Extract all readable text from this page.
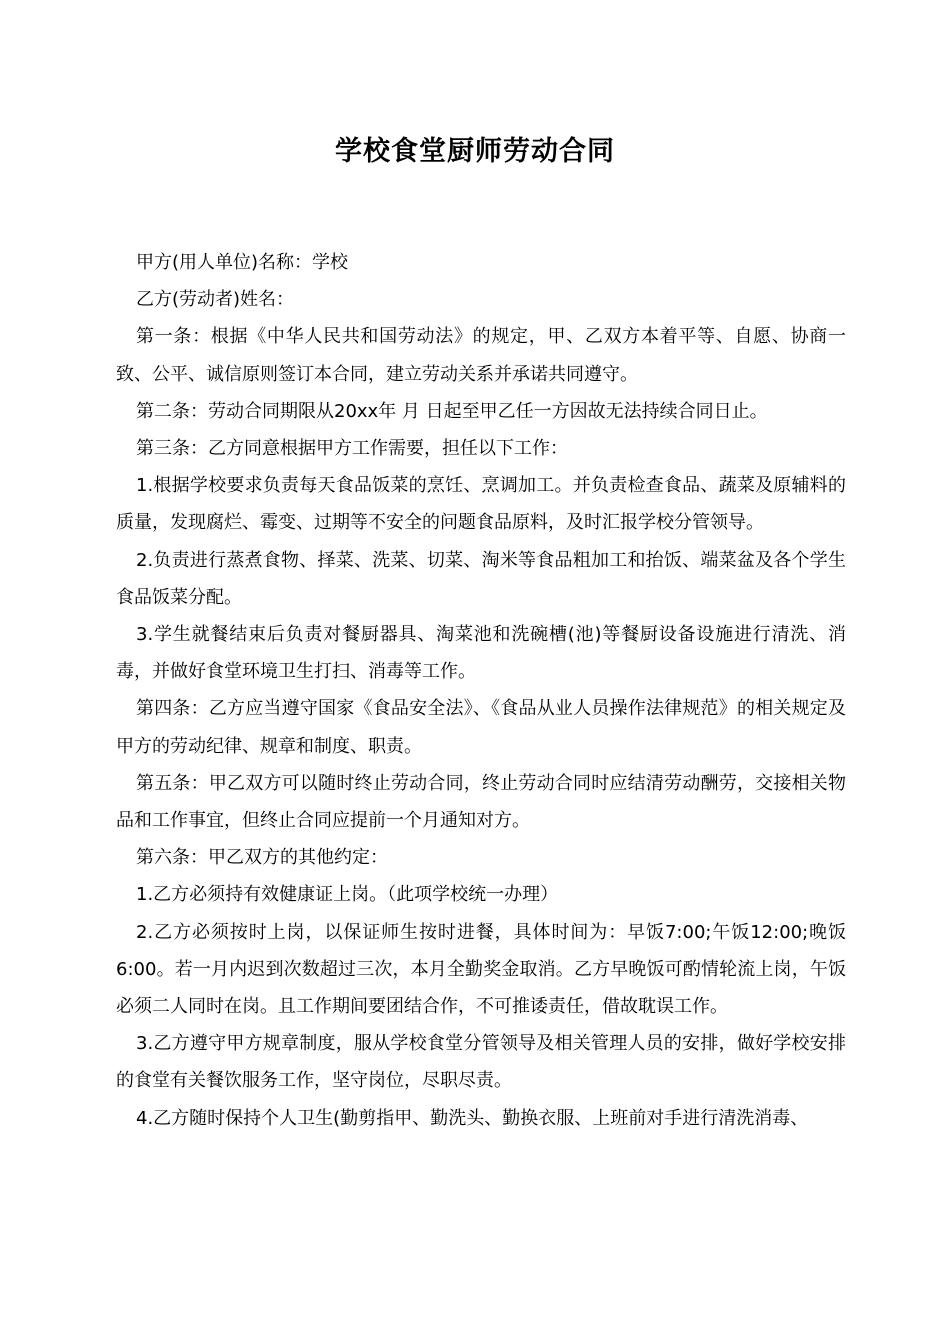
学校食堂厨师劳动合同

甲方(用人单位)名称：学校

乙方(劳动者)姓名：

第一条：根据《中华人民共和国劳动法》的规定，甲、乙双方本着平等、自愿、协商一致、公平、诚信原则签订本合同，建立劳动关系并承诺共同遵守。

第二条：劳动合同期限从20xx年 月 日起至甲乙任一方因故无法持续合同日止。

第三条：乙方同意根据甲方工作需要，担任以下工作：

1.根据学校要求负责每天食品饭菜的烹饪、烹调加工。并负责检查食品、蔬菜及原辅料的质量，发现腐烂、霉变、过期等不安全的问题食品原料，及时汇报学校分管领导。

2.负责进行蒸煮食物、择菜、洗菜、切菜、淘米等食品粗加工和抬饭、端菜盆及各个学生食品饭菜分配。

3.学生就餐结束后负责对餐厨器具、淘菜池和洗碗槽(池)等餐厨设备设施进行清洗、消毒，并做好食堂环境卫生打扫、消毒等工作。

第四条：乙方应当遵守国家《食品安全法》、《食品从业人员操作法律规范》的相关规定及甲方的劳动纪律、规章和制度、职责。

第五条：甲乙双方可以随时终止劳动合同，终止劳动合同时应结清劳动酬劳，交接相关物品和工作事宜，但终止合同应提前一个月通知对方。

第六条：甲乙双方的其他约定：

1.乙方必须持有效健康证上岗。（此项学校统一办理）

2.乙方必须按时上岗，以保证师生按时进餐，具体时间为：早饭7:00;午饭12:00;晚饭6:00。若一月内迟到次数超过三次，本月全勤奖金取消。乙方早晚饭可酌情轮流上岗，午饭必须二人同时在岗。且工作期间要团结合作，不可推诿责任，借故耽误工作。

3.乙方遵守甲方规章制度，服从学校食堂分管领导及相关管理人员的安排，做好学校安排的食堂有关餐饮服务工作，坚守岗位，尽职尽责。

4.乙方随时保持个人卫生(勤剪指甲、勤洗头、勤换衣服、上班前对手进行清洗消毒、
